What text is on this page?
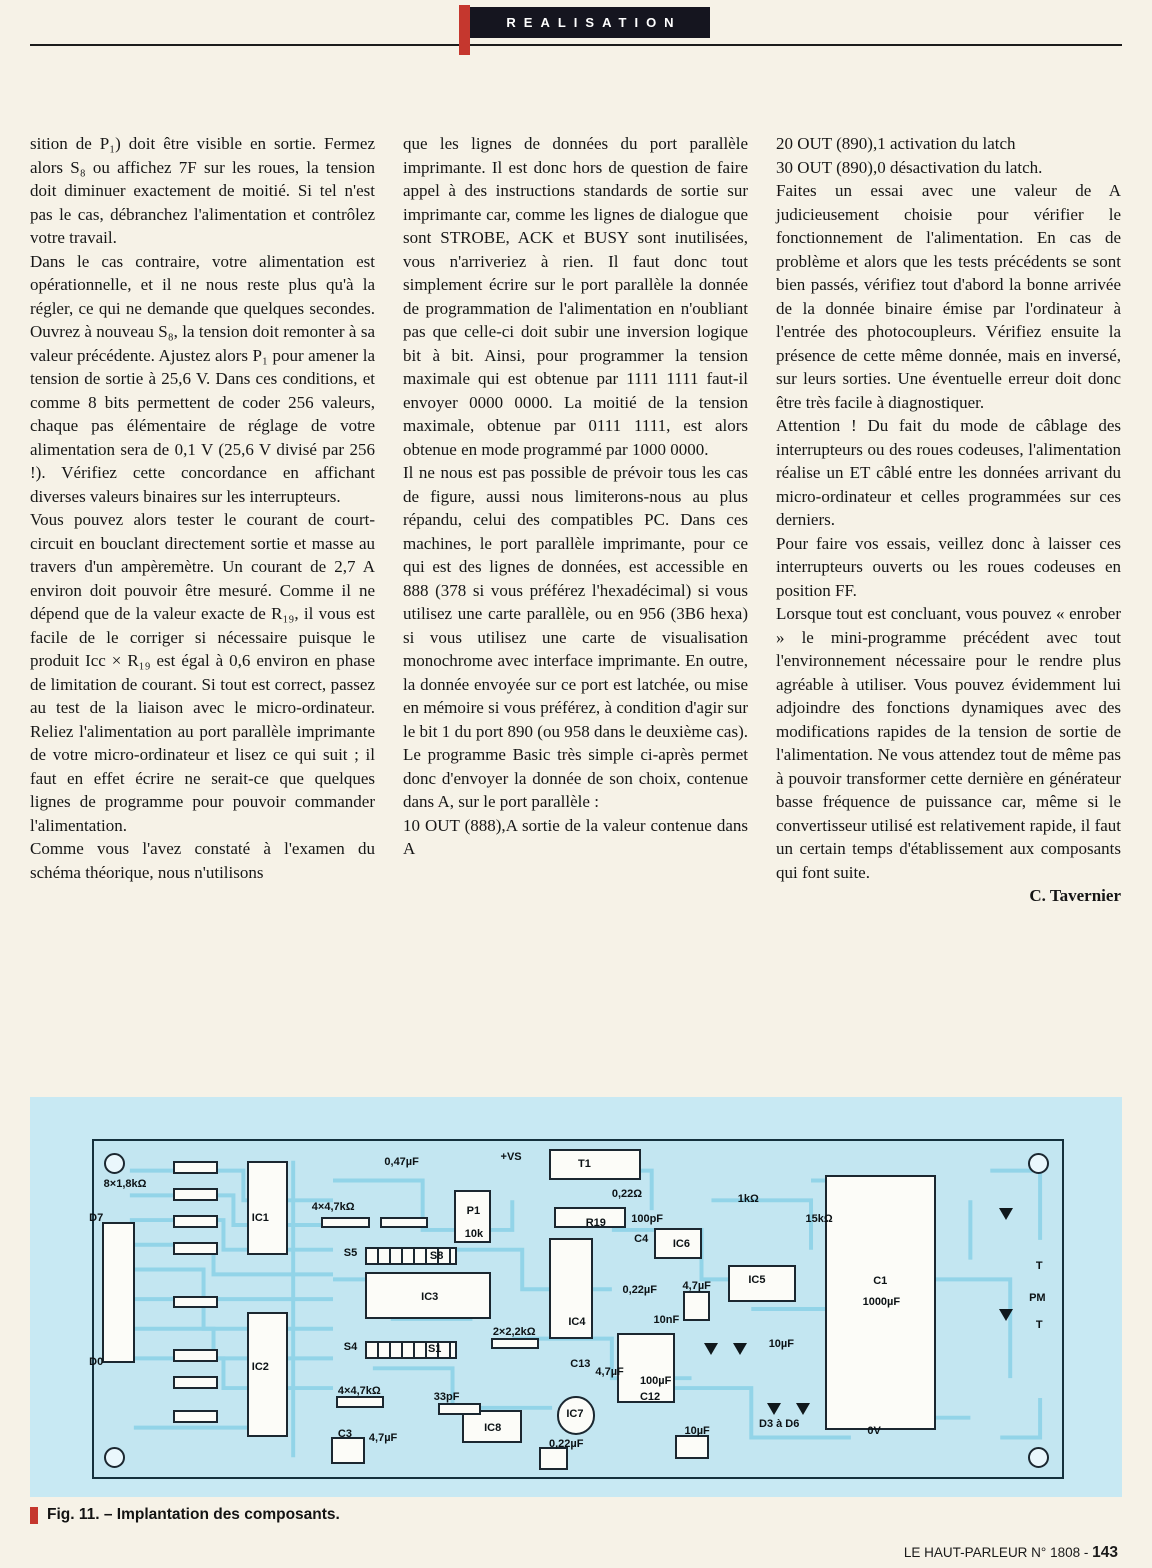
REALISATION

sition de P₁) doit être visible en sortie. Fermez alors S₈ ou affichez 7F sur les roues, la tension doit diminuer exactement de moitié. Si tel n'est pas le cas, débranchez l'alimentation et contrôlez votre travail.

Dans le cas contraire, votre alimentation est opérationnelle, et il ne nous reste plus qu'à la régler, ce qui ne demande que quelques secondes. Ouvrez à nouveau S₈, la tension doit remonter à sa valeur précédente. Ajustez alors P₁ pour amener la tension de sortie à 25,6 V. Dans ces conditions, et comme 8 bits permettent de coder 256 valeurs, chaque pas élémentaire de réglage de votre alimentation sera de 0,1 V (25,6 V divisé par 256 !). Vérifiez cette concordance en affichant diverses valeurs binaires sur les interrupteurs.

Vous pouvez alors tester le courant de court-circuit en bouclant directement sortie et masse au travers d'un ampèremètre. Un courant de 2,7 A environ doit pouvoir être mesuré. Comme il ne dépend que de la valeur exacte de R₁₉, il vous est facile de le corriger si nécessaire puisque le produit Icc × R₁₉ est égal à 0,6 environ en phase de limitation de courant. Si tout est correct, passez au test de la liaison avec le micro-ordinateur. Reliez l'alimentation au port parallèle imprimante de votre micro-ordinateur et lisez ce qui suit ; il faut en effet écrire ne serait-ce que quelques lignes de programme pour pouvoir commander l'alimentation.

Comme vous l'avez constaté à l'examen du schéma théorique, nous n'utilisons

que les lignes de données du port parallèle imprimante. Il est donc hors de question de faire appel à des instructions standards de sortie sur imprimante car, comme les lignes de dialogue que sont STROBE, ACK et BUSY sont inutilisées, vous n'arriveriez à rien. Il faut donc tout simplement écrire sur le port parallèle la donnée de programmation de l'alimentation en n'oubliant pas que celle-ci doit subir une inversion logique bit à bit. Ainsi, pour programmer la tension maximale qui est obtenue par 1111 1111 faut-il envoyer 0000 0000. La moitié de la tension maximale, obtenue par 0111 1111, est alors obtenue en mode programmé par 1000 0000.

Il ne nous est pas possible de prévoir tous les cas de figure, aussi nous limiterons-nous au plus répandu, celui des compatibles PC. Dans ces machines, le port parallèle imprimante, pour ce qui est des lignes de données, est accessible en 888 (378 si vous préférez l'hexadécimal) si vous utilisez une carte parallèle, ou en 956 (3B6 hexa) si vous utilisez une carte de visualisation monochrome avec interface imprimante. En outre, la donnée envoyée sur ce port est latchée, ou mise en mémoire si vous préférez, à condition d'agir sur le bit 1 du port 890 (ou 958 dans le deuxième cas). Le programme Basic très simple ci-après permet donc d'envoyer la donnée de son choix, contenue dans A, sur le port parallèle :

10 OUT (888),A sortie de la valeur contenue dans A

20 OUT (890),1 activation du latch

30 OUT (890),0 désactivation du latch.

Faites un essai avec une valeur de A judicieusement choisie pour vérifier le fonctionnement de l'alimentation. En cas de problème et alors que les tests précédents se sont bien passés, vérifiez tout d'abord la bonne arrivée de la donnée binaire émise par l'ordinateur à l'entrée des photocoupleurs. Vérifiez ensuite la présence de cette même donnée, mais en inversé, sur leurs sorties. Une éventuelle erreur doit donc être très facile à diagnostiquer.

Attention ! Du fait du mode de câblage des interrupteurs ou des roues codeuses, l'alimentation réalise un ET câblé entre les données arrivant du micro-ordinateur et celles programmées sur ces derniers.

Pour faire vos essais, veillez donc à laisser ces interrupteurs ouverts ou les roues codeuses en position FF.

Lorsque tout est concluant, vous pouvez « enrober » le mini-programme précédent avec tout l'environnement nécessaire pour le rendre plus agréable à utiliser. Vous pouvez évidemment lui adjoindre des fonctions dynamiques avec des modifications rapides de la tension de sortie de l'alimentation. Ne vous attendez tout de même pas à pouvoir transformer cette dernière en générateur basse fréquence de puissance car, même si le convertisseur utilisé est relativement rapide, il faut un certain temps d'établissement aux composants qui font suite.

C. Tavernier

0,47µF	+VS
T1
8×1,8kΩ
0,22Ω
R19 100pF
1kΩ
15kΩ
4×4,7kΩ	P1
10k
D7	IC1
S5	S8
IC6
C4
0,22µF 4,7µF
IC5	C1
1000µF
IC3
IC4
2×2,2kΩ
10nF
10µF
S4	S1
C13
4,7µF
100µF
C12
IC2
4×4,7kΩ
33pF
IC7
IC8
C3 4,7µF
0,22µF
10µF
D3 à D6
0V
D0
PM
T
T
Fig. 11. – Implantation des composants.
LE HAUT-PARLEUR N° 1808 - 143
